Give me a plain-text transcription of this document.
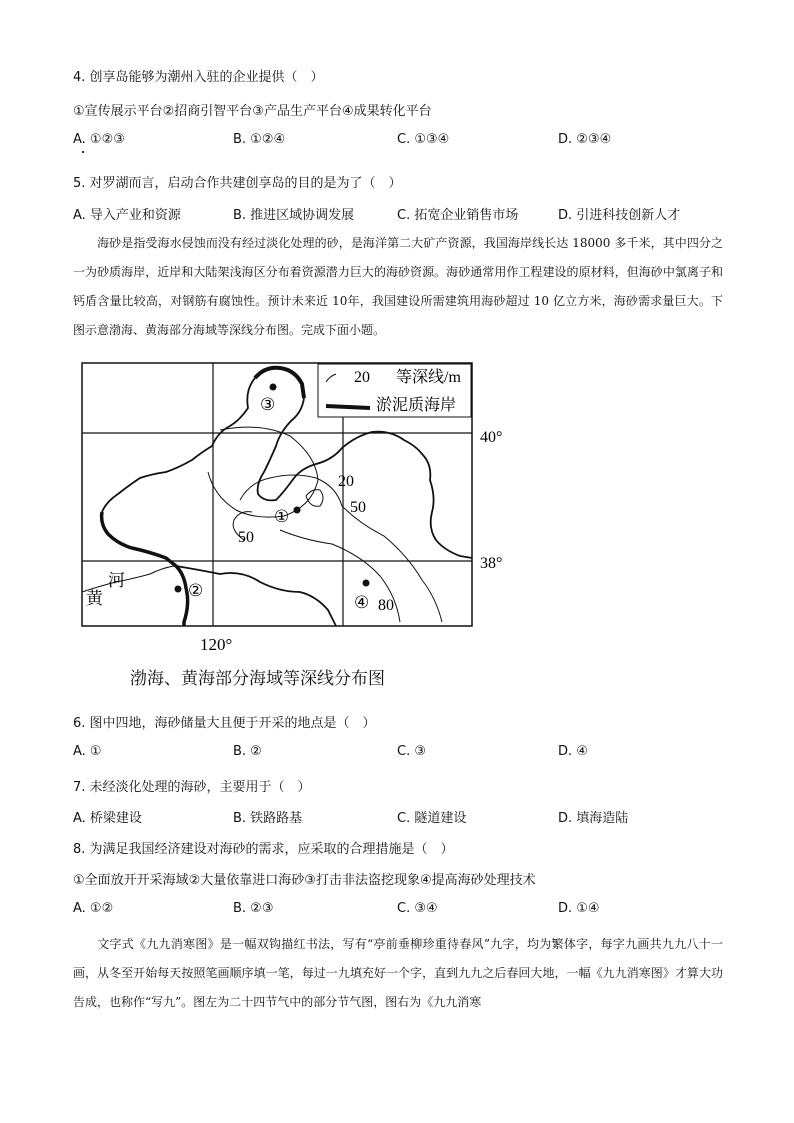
4. 创享岛能够为潮州入驻的企业提供（　）
①宣传展示平台②招商引智平台③产品生产平台④成果转化平台
A. ①②③	B. ①②④	C. ①③④	D. ②③④
5. 对罗湖而言，启动合作共建创享岛的目的是为了（　）
A. 导入产业和资源	B. 推进区域协调发展	C. 拓宽企业销售市场	D. 引进科技创新人才
海砂是指受海水侵蚀而没有经过淡化处理的砂，是海洋第二大矿产资源，我国海岸线长达 18000 多千米，其中四分之一为砂质海岸，近岸和大陆架浅海区分布着资源潜力巨大的海砂资源。海砂通常用作工程建设的原材料，但海砂中氯离子和钙盾含量比较高，对钢筋有腐蚀性。预计未来近 10年，我国建设所需建筑用海砂超过 10 亿立方米，海砂需求量巨大。下图示意渤海、黄海部分海域等深线分布图。完成下面小题。
20 等深线/m
淤泥质海岸
③
①
②
④
20
50
50
80
河
黄
40°
38°
120°
渤海、黄海部分海域等深线分布图
6. 图中四地，海砂储量大且便于开采的地点是（　）
A. ①	B. ②	C. ③	D. ④
7. 未经淡化处理的海砂，主要用于（　）
A. 桥梁建设	B. 铁路路基	C. 隧道建设	D. 填海造陆
8. 为满足我国经济建设对海砂的需求，应采取的合理措施是（　）
①全面放开开采海域②大量依靠进口海砂③打击非法盗挖现象④提高海砂处理技术
A. ①②	B. ②③	C. ③④	D. ①④
文字式《九九消寒图》是一幅双钩描红书法，写有“亭前垂柳珍重待春风”九字，均为繁体字，每字九画共九九八十一画，从冬至开始每天按照笔画顺序填一笔，每过一九填充好一个字，直到九九之后春回大地，一幅《九九消寒图》才算大功告成，也称作“写九”。图左为二十四节气中的部分节气图，图右为《九九消寒
